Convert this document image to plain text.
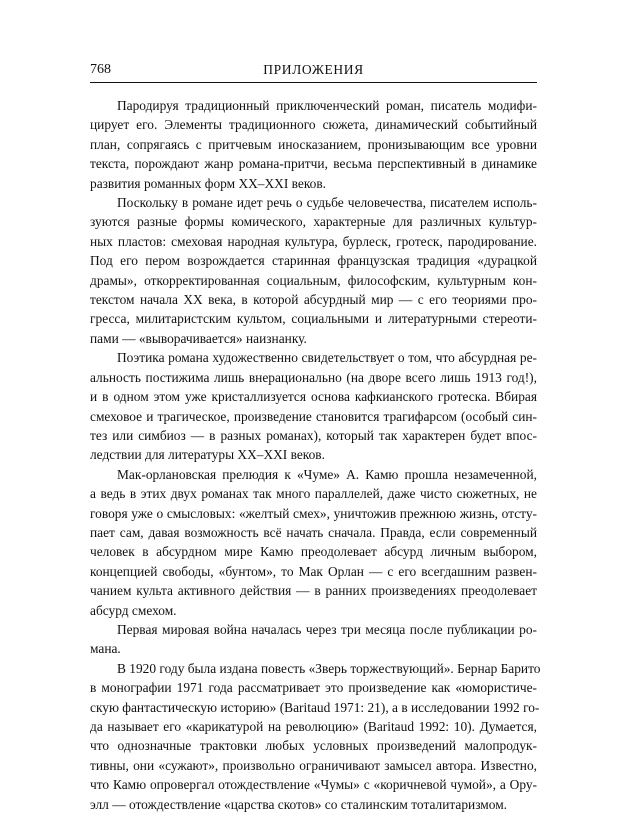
768	ПРИЛОЖЕНИЯ

Пародируя традиционный приключенческий роман, писатель модифи-
цирует его. Элементы традиционного сюжета, динамический событийный
план, сопрягаясь с притчевым иносказанием, пронизывающим все уровни
текста, порождают жанр романа-притчи, весьма перспективный в динамике
развития романных форм XX–XXI веков.

Поскольку в романе идет речь о судьбе человечества, писателем исполь-
зуются разные формы комического, характерные для различных культур-
ных пластов: смеховая народная культура, бурлеск, гротеск, пародирование.
Под его пером возрождается старинная французская традиция «дурацкой
драмы», откорректированная социальным, философским, культурным кон-
текстом начала XX века, в которой абсурдный мир — с его теориями про-
гресса, милитаристским культом, социальными и литературными стереоти-
пами — «выворачивается» наизнанку.

Поэтика романа художественно свидетельствует о том, что абсурдная ре-
альность постижима лишь внерационально (на дворе всего лишь 1913 год!),
и в одном этом уже кристаллизуется основа кафкианского гротеска. Вбирая
смеховое и трагическое, произведение становится трагифарсом (особый син-
тез или симбиоз — в разных романах), который так характерен будет впос-
ледствии для литературы XX–XXI веков.

Мак-орлановская прелюдия к «Чуме» А. Камю прошла незамеченной,
а ведь в этих двух романах так много параллелей, даже чисто сюжетных, не
говоря уже о смысловых: «желтый смех», уничтожив прежнюю жизнь, отсту-
пает сам, давая возможность всё начать сначала. Правда, если современный
человек в абсурдном мире Камю преодолевает абсурд личным выбором,
концепцией свободы, «бунтом», то Мак Орлан — с его всегдашним развен-
чанием культа активного действия — в ранних произведениях преодолевает
абсурд смехом.

Первая мировая война началась через три месяца после публикации ро-
мана.

В 1920 году была издана повесть «Зверь торжествующий». Бернар Барито
в монографии 1971 года рассматривает это произведение как «юмористиче-
скую фантастическую историю» (Baritaud 1971: 21), а в исследовании 1992 го-
да называет его «карикатурой на революцию» (Baritaud 1992: 10). Думается,
что однозначные трактовки любых условных произведений малопродук-
тивны, они «сужают», произвольно ограничивают замысел автора. Известно,
что Камю опровергал отождествление «Чумы» с «коричневой чумой», а Ору-
элл — отождествление «царства скотов» со сталинским тоталитаризмом.
